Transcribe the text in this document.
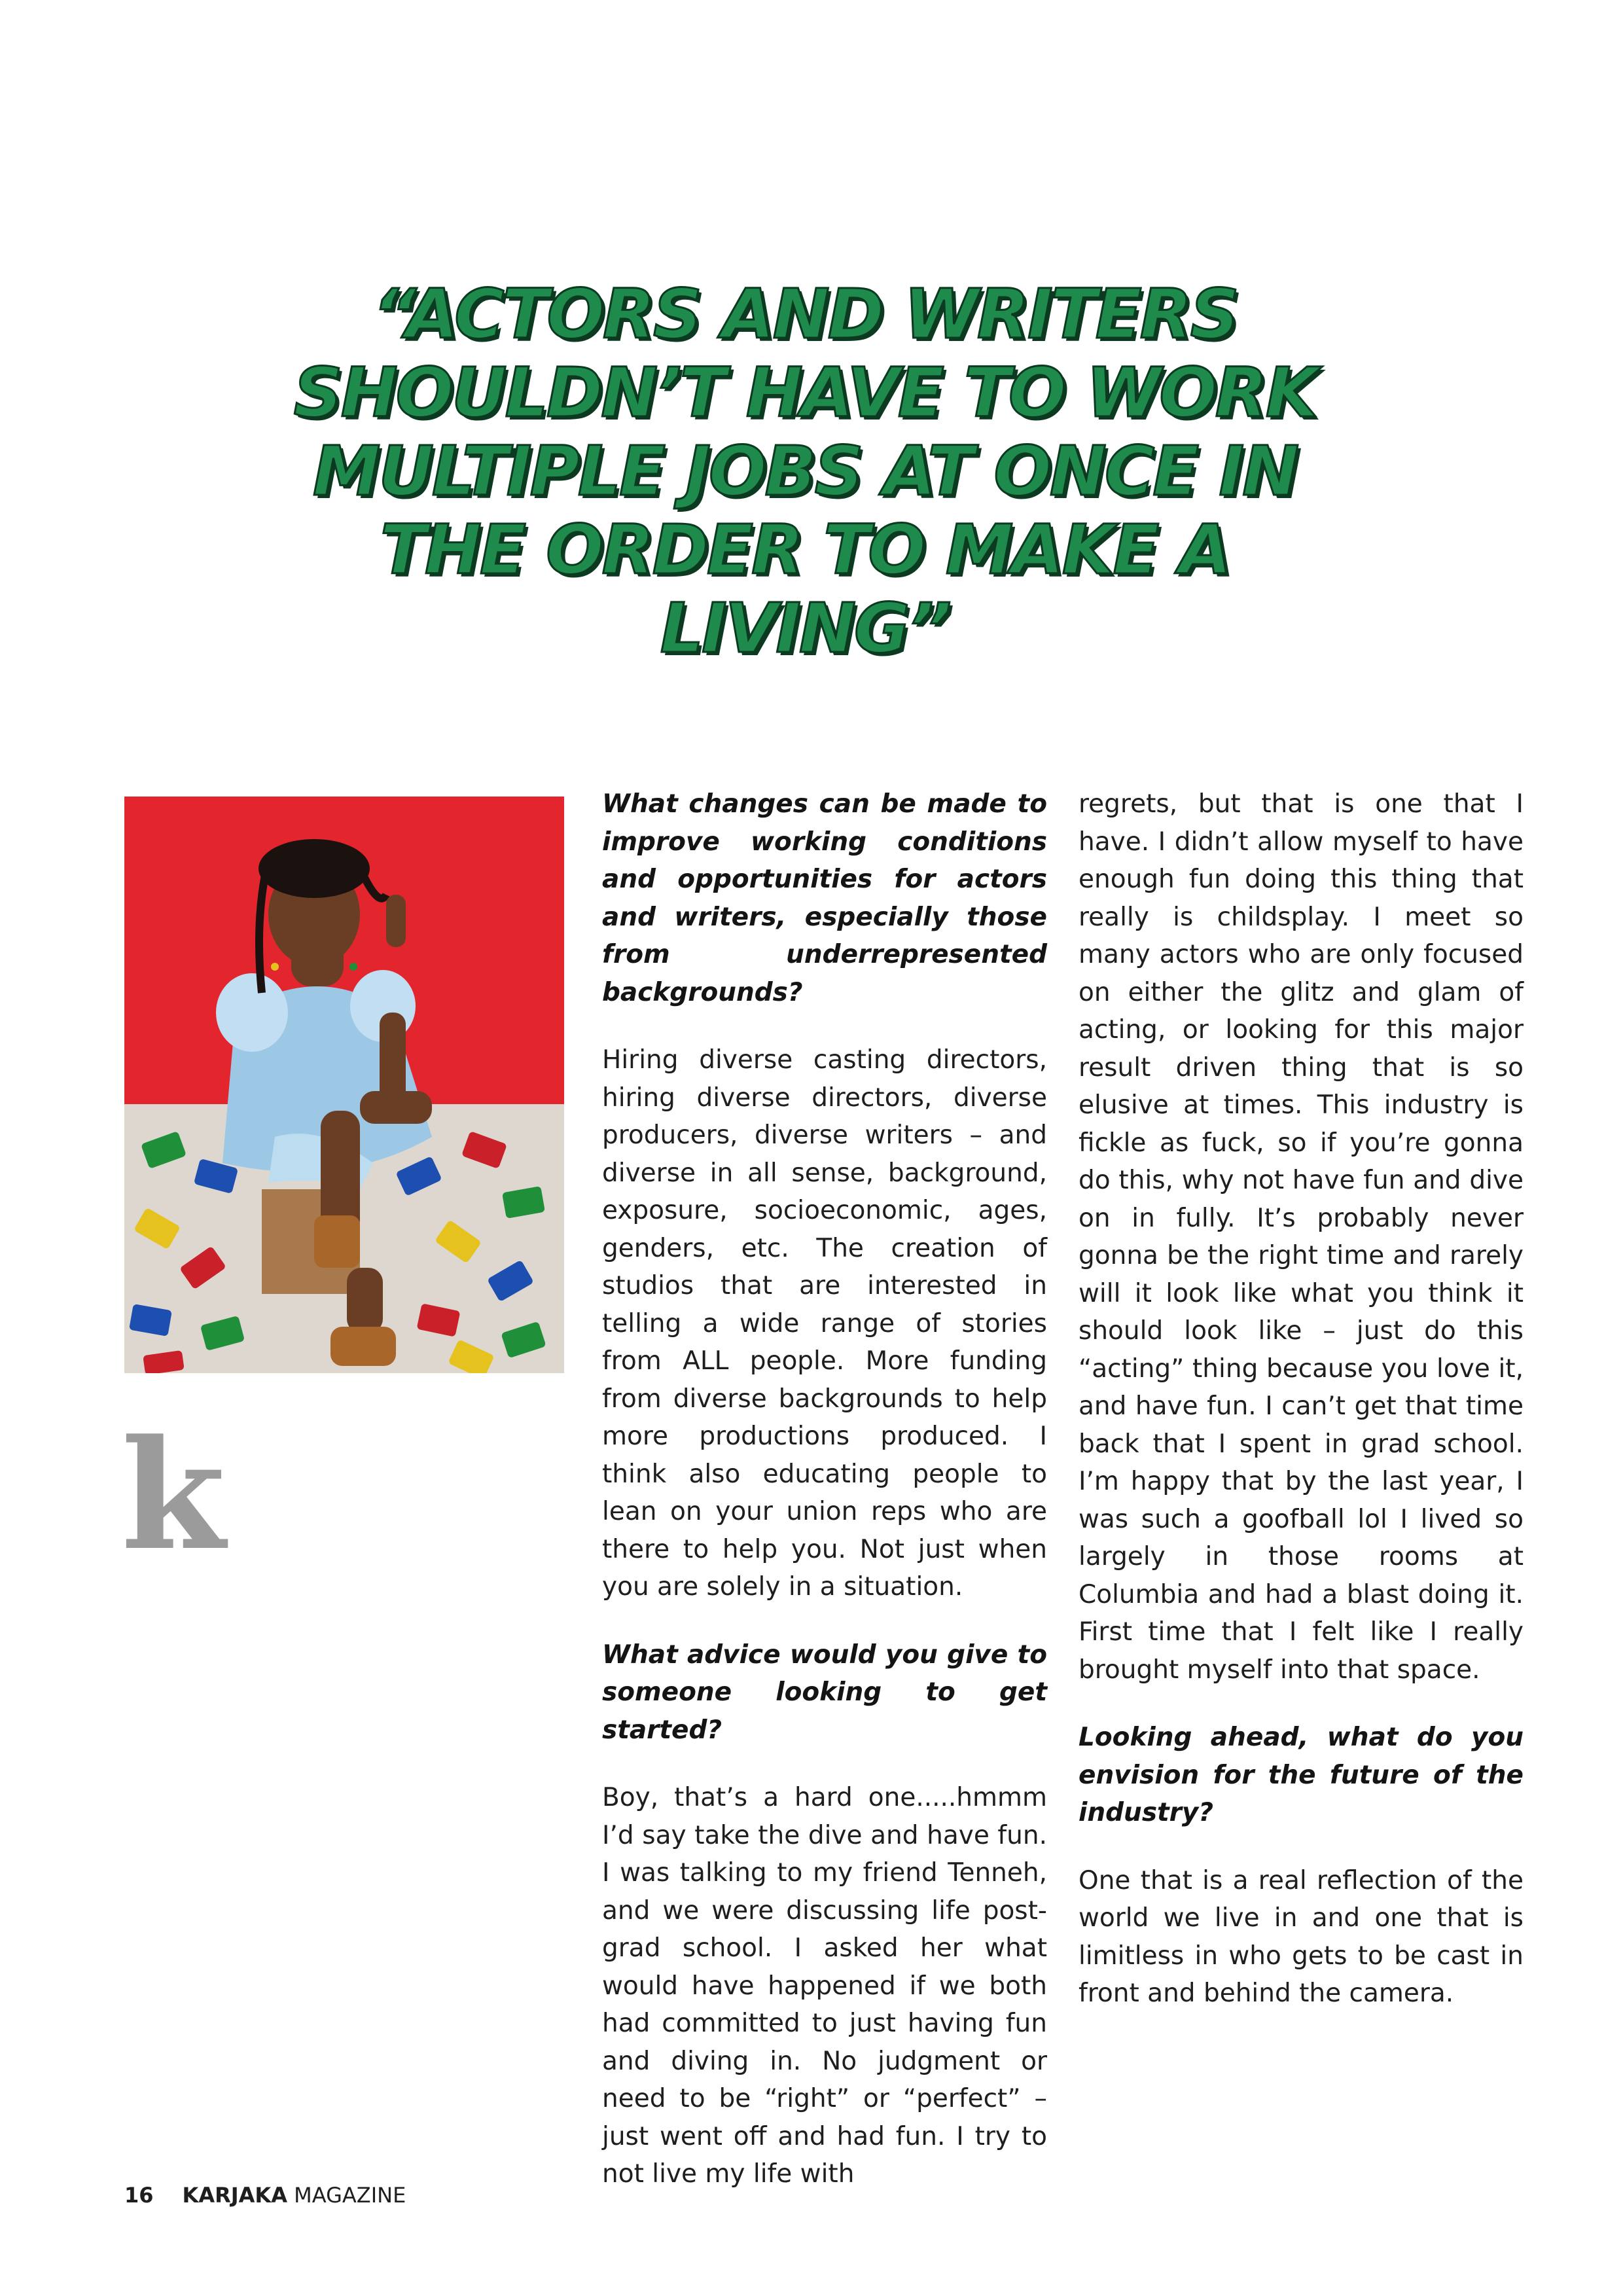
“ACTORS AND WRITERS SHOULDN’T HAVE TO WORK MULTIPLE JOBS AT ONCE IN THE ORDER TO MAKE A LIVING”
k

What changes can be made to improve working conditions and opportunities for actors and writers, especially those from underrepresented backgrounds?

Hiring diverse casting directors, hiring diverse directors, diverse producers, diverse writers – and diverse in all sense, background, exposure, socioeconomic, ages, genders, etc. The creation of studios that are interested in telling a wide range of stories from ALL people. More funding from diverse backgrounds to help more productions produced. I think also educating people to lean on your union reps who are there to help you. Not just when you are solely in a situation.

What advice would you give to someone looking to get started?

Boy, that’s a hard one.....hmmm I’d say take the dive and have fun. I was talking to my friend Tenneh, and we were discussing life post-grad school. I asked her what would have happened if we both had committed to just having fun and diving in. No judgment or need to be “right” or “perfect” – just went off and had fun. I try to not live my life with

regrets, but that is one that I have. I didn’t allow myself to have enough fun doing this thing that really is childsplay. I meet so many actors who are only focused on either the glitz and glam of acting, or looking for this major result driven thing that is so elusive at times. This industry is fickle as fuck, so if you’re gonna do this, why not have fun and dive on in fully. It’s probably never gonna be the right time and rarely will it look like what you think it should look like – just do this “acting” thing because you love it, and have fun. I can’t get that time back that I spent in grad school. I’m happy that by the last year, I was such a goofball lol I lived so largely in those rooms at Columbia and had a blast doing it. First time that I felt like I really brought myself into that space.

Looking ahead, what do you envision for the future of the industry?

One that is a real reflection of the world we live in and one that is limitless in who gets to be cast in front and behind the camera.

16 KARJAKA MAGAZINE
